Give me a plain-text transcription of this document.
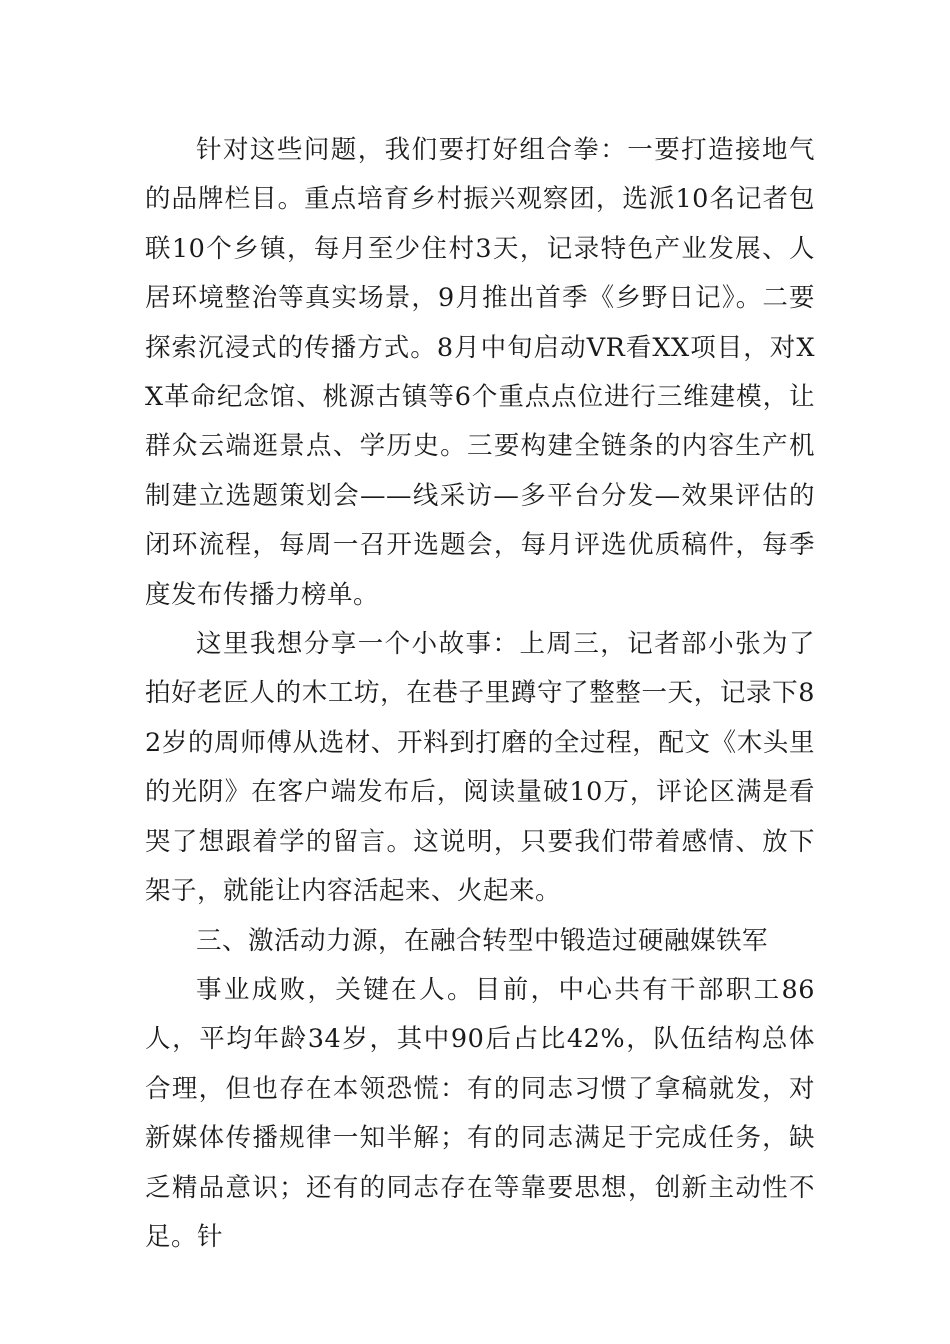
针对这些问题，我们要打好组合拳：一要打造接地气的品牌栏目。重点培育乡村振兴观察团，选派10名记者包联10个乡镇，每月至少住村3天，记录特色产业发展、人居环境整治等真实场景，9月推出首季《乡野日记》。二要探索沉浸式的传播方式。8月中旬启动VR看XX项目，对XX革命纪念馆、桃源古镇等6个重点点位进行三维建模，让群众云端逛景点、学历史。三要构建全链条的内容生产机制建立选题策划会——线采访—多平台分发—效果评估的闭环流程，每周一召开选题会，每月评选优质稿件，每季度发布传播力榜单。

这里我想分享一个小故事：上周三，记者部小张为了拍好老匠人的木工坊，在巷子里蹲守了整整一天，记录下82岁的周师傅从选材、开料到打磨的全过程，配文《木头里的光阴》在客户端发布后，阅读量破10万，评论区满是看哭了想跟着学的留言。这说明，只要我们带着感情、放下架子，就能让内容活起来、火起来。

三、激活动力源，在融合转型中锻造过硬融媒铁军

事业成败，关键在人。目前，中心共有干部职工86人，平均年龄34岁，其中90后占比42%，队伍结构总体合理，但也存在本领恐慌：有的同志习惯了拿稿就发，对新媒体传播规律一知半解；有的同志满足于完成任务，缺乏精品意识；还有的同志存在等靠要思想，创新主动性不足。针
